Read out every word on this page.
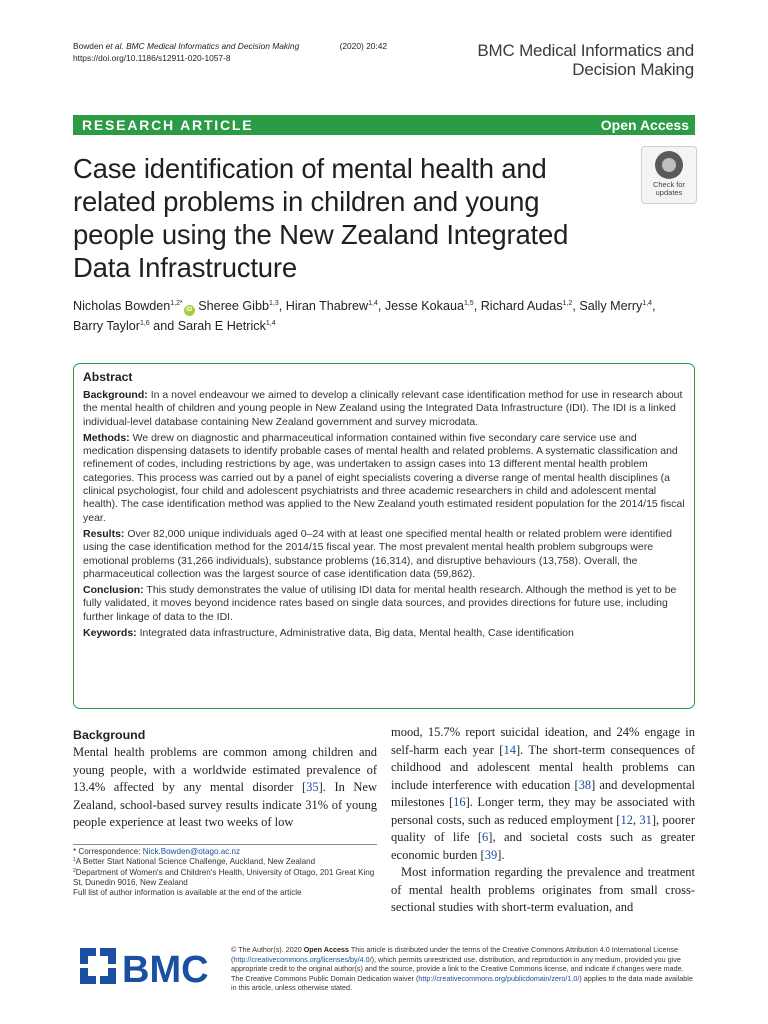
Bowden et al. BMC Medical Informatics and Decision Making	(2020) 20:42
https://doi.org/10.1186/s12911-020-1057-8	BMC Medical Informatics and
Decision Making
RESEARCH ARTICLE	Open Access
Case identification of mental health and related problems in children and young people using the New Zealand Integrated Data Infrastructure
Check for
updates
Nicholas Bowden$^{1,2*}$iD Sheree Gibb$^{1,3}$, Hiran Thabrew$^{1,4}$, Jesse Kokaua$^{1,5}$, Richard Audas$^{1,2}$, Sally Merry$^{1,4}$,
Barry Taylor$^{1,6}$ and Sarah E Hetrick$^{1,4}$
Abstract

Background: In a novel endeavour we aimed to develop a clinically relevant case identification method for use in research about the mental health of children and young people in New Zealand using the Integrated Data Infrastructure (IDI). The IDI is a linked individual-level database containing New Zealand government and survey microdata.

Methods: We drew on diagnostic and pharmaceutical information contained within five secondary care service use and medication dispensing datasets to identify probable cases of mental health and related problems. A systematic classification and refinement of codes, including restrictions by age, was undertaken to assign cases into 13 different mental health problem categories. This process was carried out by a panel of eight specialists covering a diverse range of mental health disciplines (a clinical psychologist, four child and adolescent psychiatrists and three academic researchers in child and adolescent mental health). The case identification method was applied to the New Zealand youth estimated resident population for the 2014/15 fiscal year.

Results: Over 82,000 unique individuals aged 0–24 with at least one specified mental health or related problem were identified using the case identification method for the 2014/15 fiscal year. The most prevalent mental health problem subgroups were emotional problems (31,266 individuals), substance problems (16,314), and disruptive behaviours (13,758). Overall, the pharmaceutical collection was the largest source of case identification data (59,862).

Conclusion: This study demonstrates the value of utilising IDI data for mental health research. Although the method is yet to be fully validated, it moves beyond incidence rates based on single data sources, and provides directions for future use, including further linkage of data to the IDI.

Keywords: Integrated data infrastructure, Administrative data, Big data, Mental health, Case identification

Background

Mental health problems are common among children and young people, with a worldwide estimated prevalence of 13.4% affected by any mental disorder [35]. In New Zealand, school-based survey results indicate 31% of young people experience at least two weeks of low

mood, 15.7% report suicidal ideation, and 24% engage in self-harm each year [14]. The short-term consequences of childhood and adolescent mental health problems can include interference with education [38] and developmental milestones [16]. Longer term, they may be associated with personal costs, such as reduced employment [12, 31], poorer quality of life [6], and societal costs such as greater economic burden [39].

Most information regarding the prevalence and treatment of mental health problems originates from small cross-sectional studies with short-term evaluation, and

* Correspondence: Nick.Bowden@otago.ac.nz
$^1$A Better Start National Science Challenge, Auckland, New Zealand
$^2$Department of Women's and Children's Health, University of Otago, 201 Great King St, Dunedin 9016, New Zealand
Full list of author information is available at the end of the article
BMC	© The Author(s). 2020 Open Access This article is distributed under the terms of the Creative Commons Attribution 4.0 International License (http://creativecommons.org/licenses/by/4.0/), which permits unrestricted use, distribution, and reproduction in any medium, provided you give appropriate credit to the original author(s) and the source, provide a link to the Creative Commons license, and indicate if changes were made. The Creative Commons Public Domain Dedication waiver (http://creativecommons.org/publicdomain/zero/1.0/) applies to the data made available in this article, unless otherwise stated.
